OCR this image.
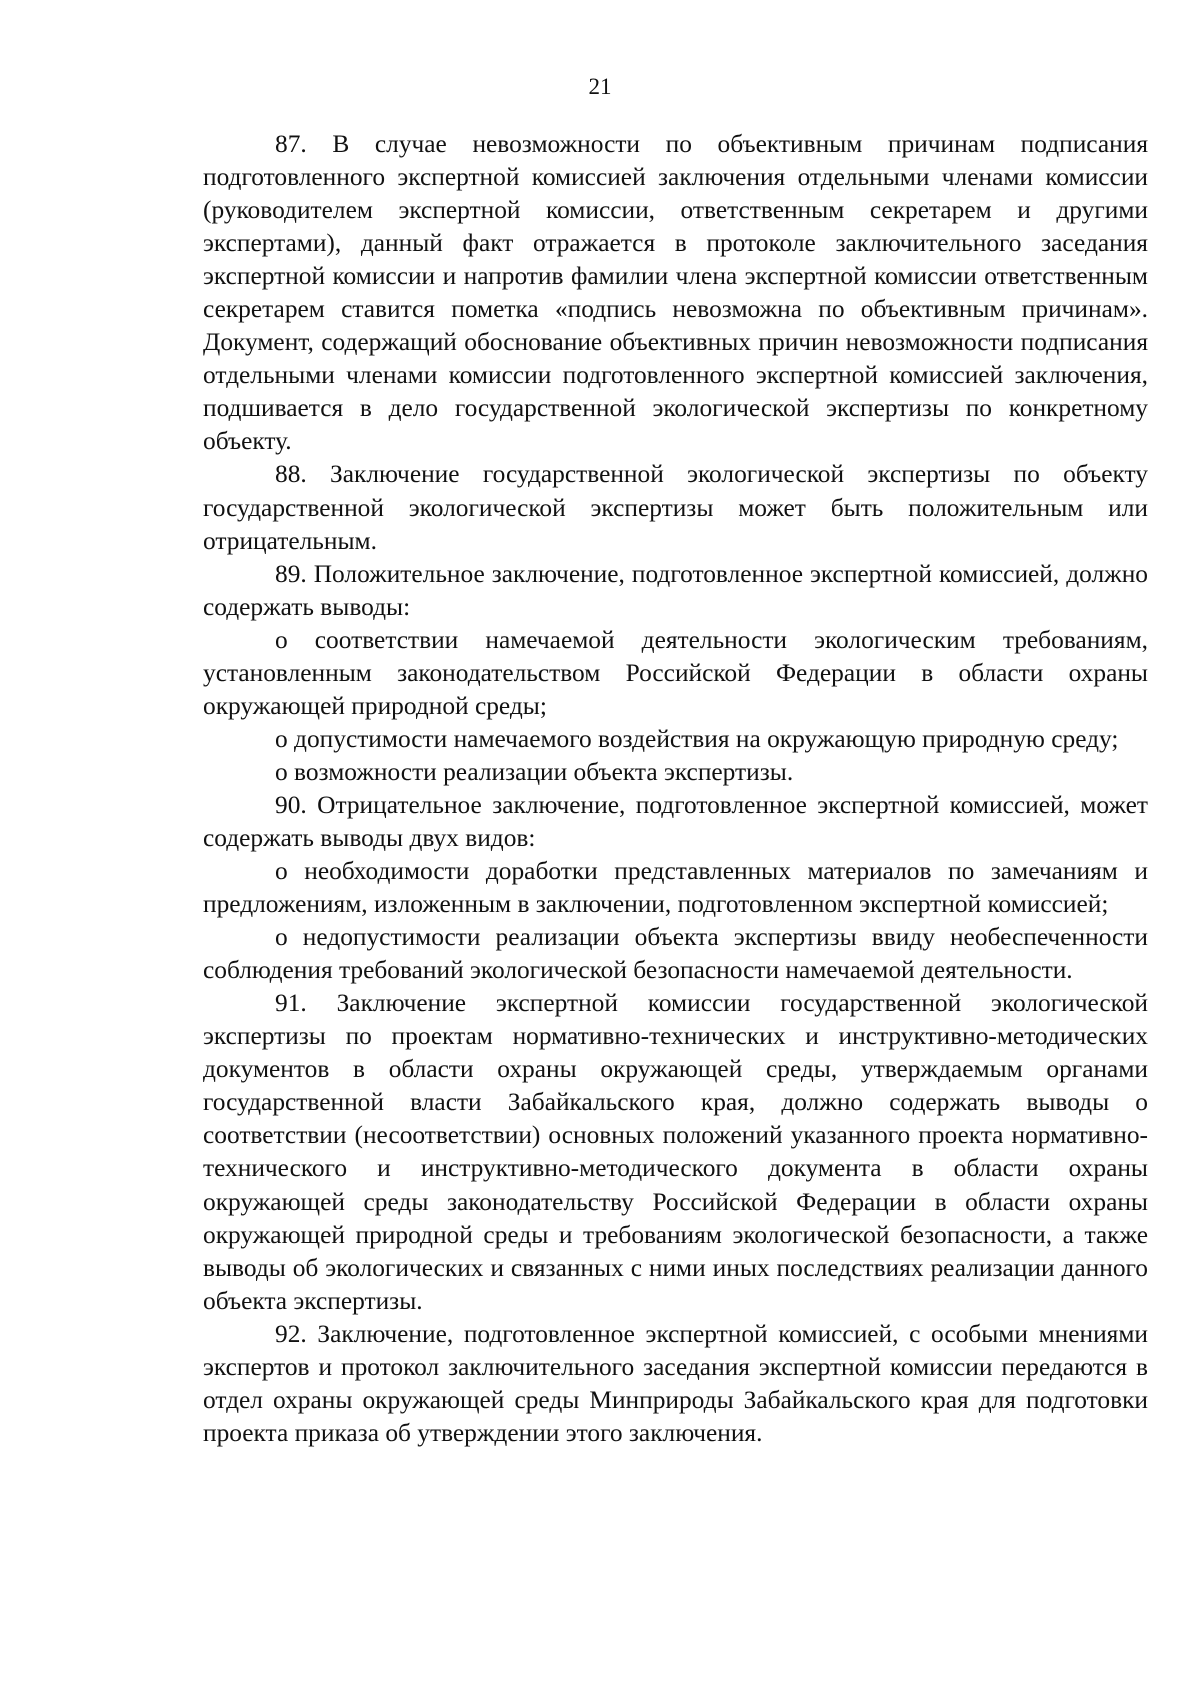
21

87. В случае невозможности по объективным причинам подписания подготовленного экспертной комиссией заключения отдельными членами комиссии (руководителем экспертной комиссии, ответственным секретарем и другими экспертами), данный факт отражается в протоколе заключительного заседания экспертной комиссии и напротив фамилии члена экспертной комиссии ответственным секретарем ставится пометка «подпись невозможна по объективным причинам». Документ, содержащий обоснование объективных причин невозможности подписания отдельными членами комиссии подготовленного экспертной комиссией заключения, подшивается в дело государственной экологической экспертизы по конкретному объекту.

88. Заключение государственной экологической экспертизы по объекту государственной экологической экспертизы может быть положительным или отрицательным.

89. Положительное заключение, подготовленное экспертной комиссией, должно содержать выводы:

о соответствии намечаемой деятельности экологическим требованиям, установленным законодательством Российской Федерации в области охраны окружающей природной среды;

о допустимости намечаемого воздействия на окружающую природную среду;

о возможности реализации объекта экспертизы.

90. Отрицательное заключение, подготовленное экспертной комиссией, может содержать выводы двух видов:

о необходимости доработки представленных материалов по замечаниям и предложениям, изложенным в заключении, подготовленном экспертной комиссией;

о недопустимости реализации объекта экспертизы ввиду необеспеченности соблюдения требований экологической безопасности намечаемой деятельности.

91. Заключение экспертной комиссии государственной экологической экспертизы по проектам нормативно-технических и инструктивно-методических документов в области охраны окружающей среды, утверждаемым органами государственной власти Забайкальского края, должно содержать выводы о соответствии (несоответствии) основных положений указанного проекта нормативно-технического и инструктивно-методического документа в области охраны окружающей среды законодательству Российской Федерации в области охраны окружающей природной среды и требованиям экологической безопасности, а также выводы об экологических и связанных с ними иных последствиях реализации данного объекта экспертизы.

92. Заключение, подготовленное экспертной комиссией, с особыми мнениями экспертов и протокол заключительного заседания экспертной комиссии передаются в отдел охраны окружающей среды Минприроды Забайкальского края для подготовки проекта приказа об утверждении этого заключения.
